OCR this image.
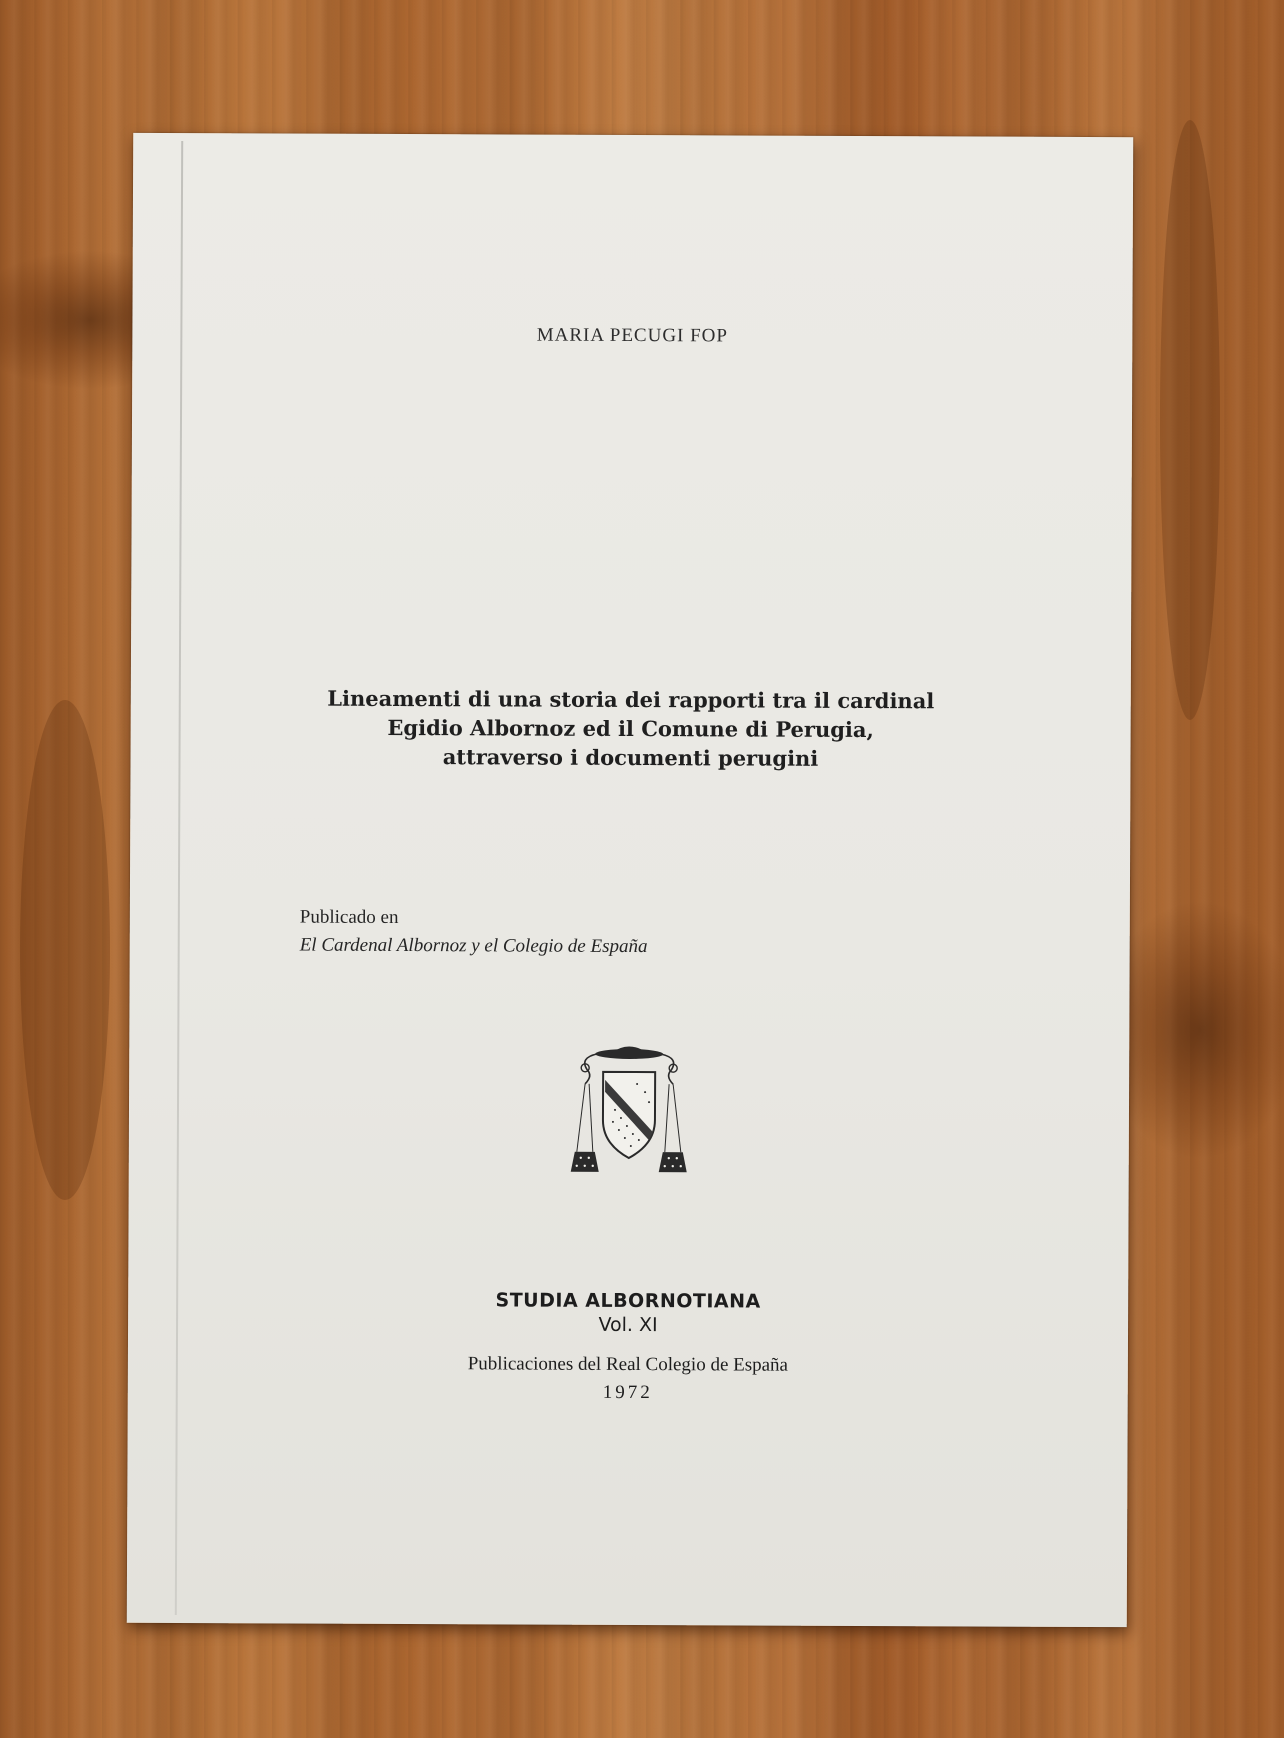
MARIA PECUGI FOP
Lineamenti di una storia dei rapporti tra il cardinal
Egidio Albornoz ed il Comune di Perugia,
attraverso i documenti perugini
Publicado en
El Cardenal Albornoz y el Colegio de España
STUDIA ALBORNOTIANA
Vol. XI
Publicaciones del Real Colegio de España
1972
